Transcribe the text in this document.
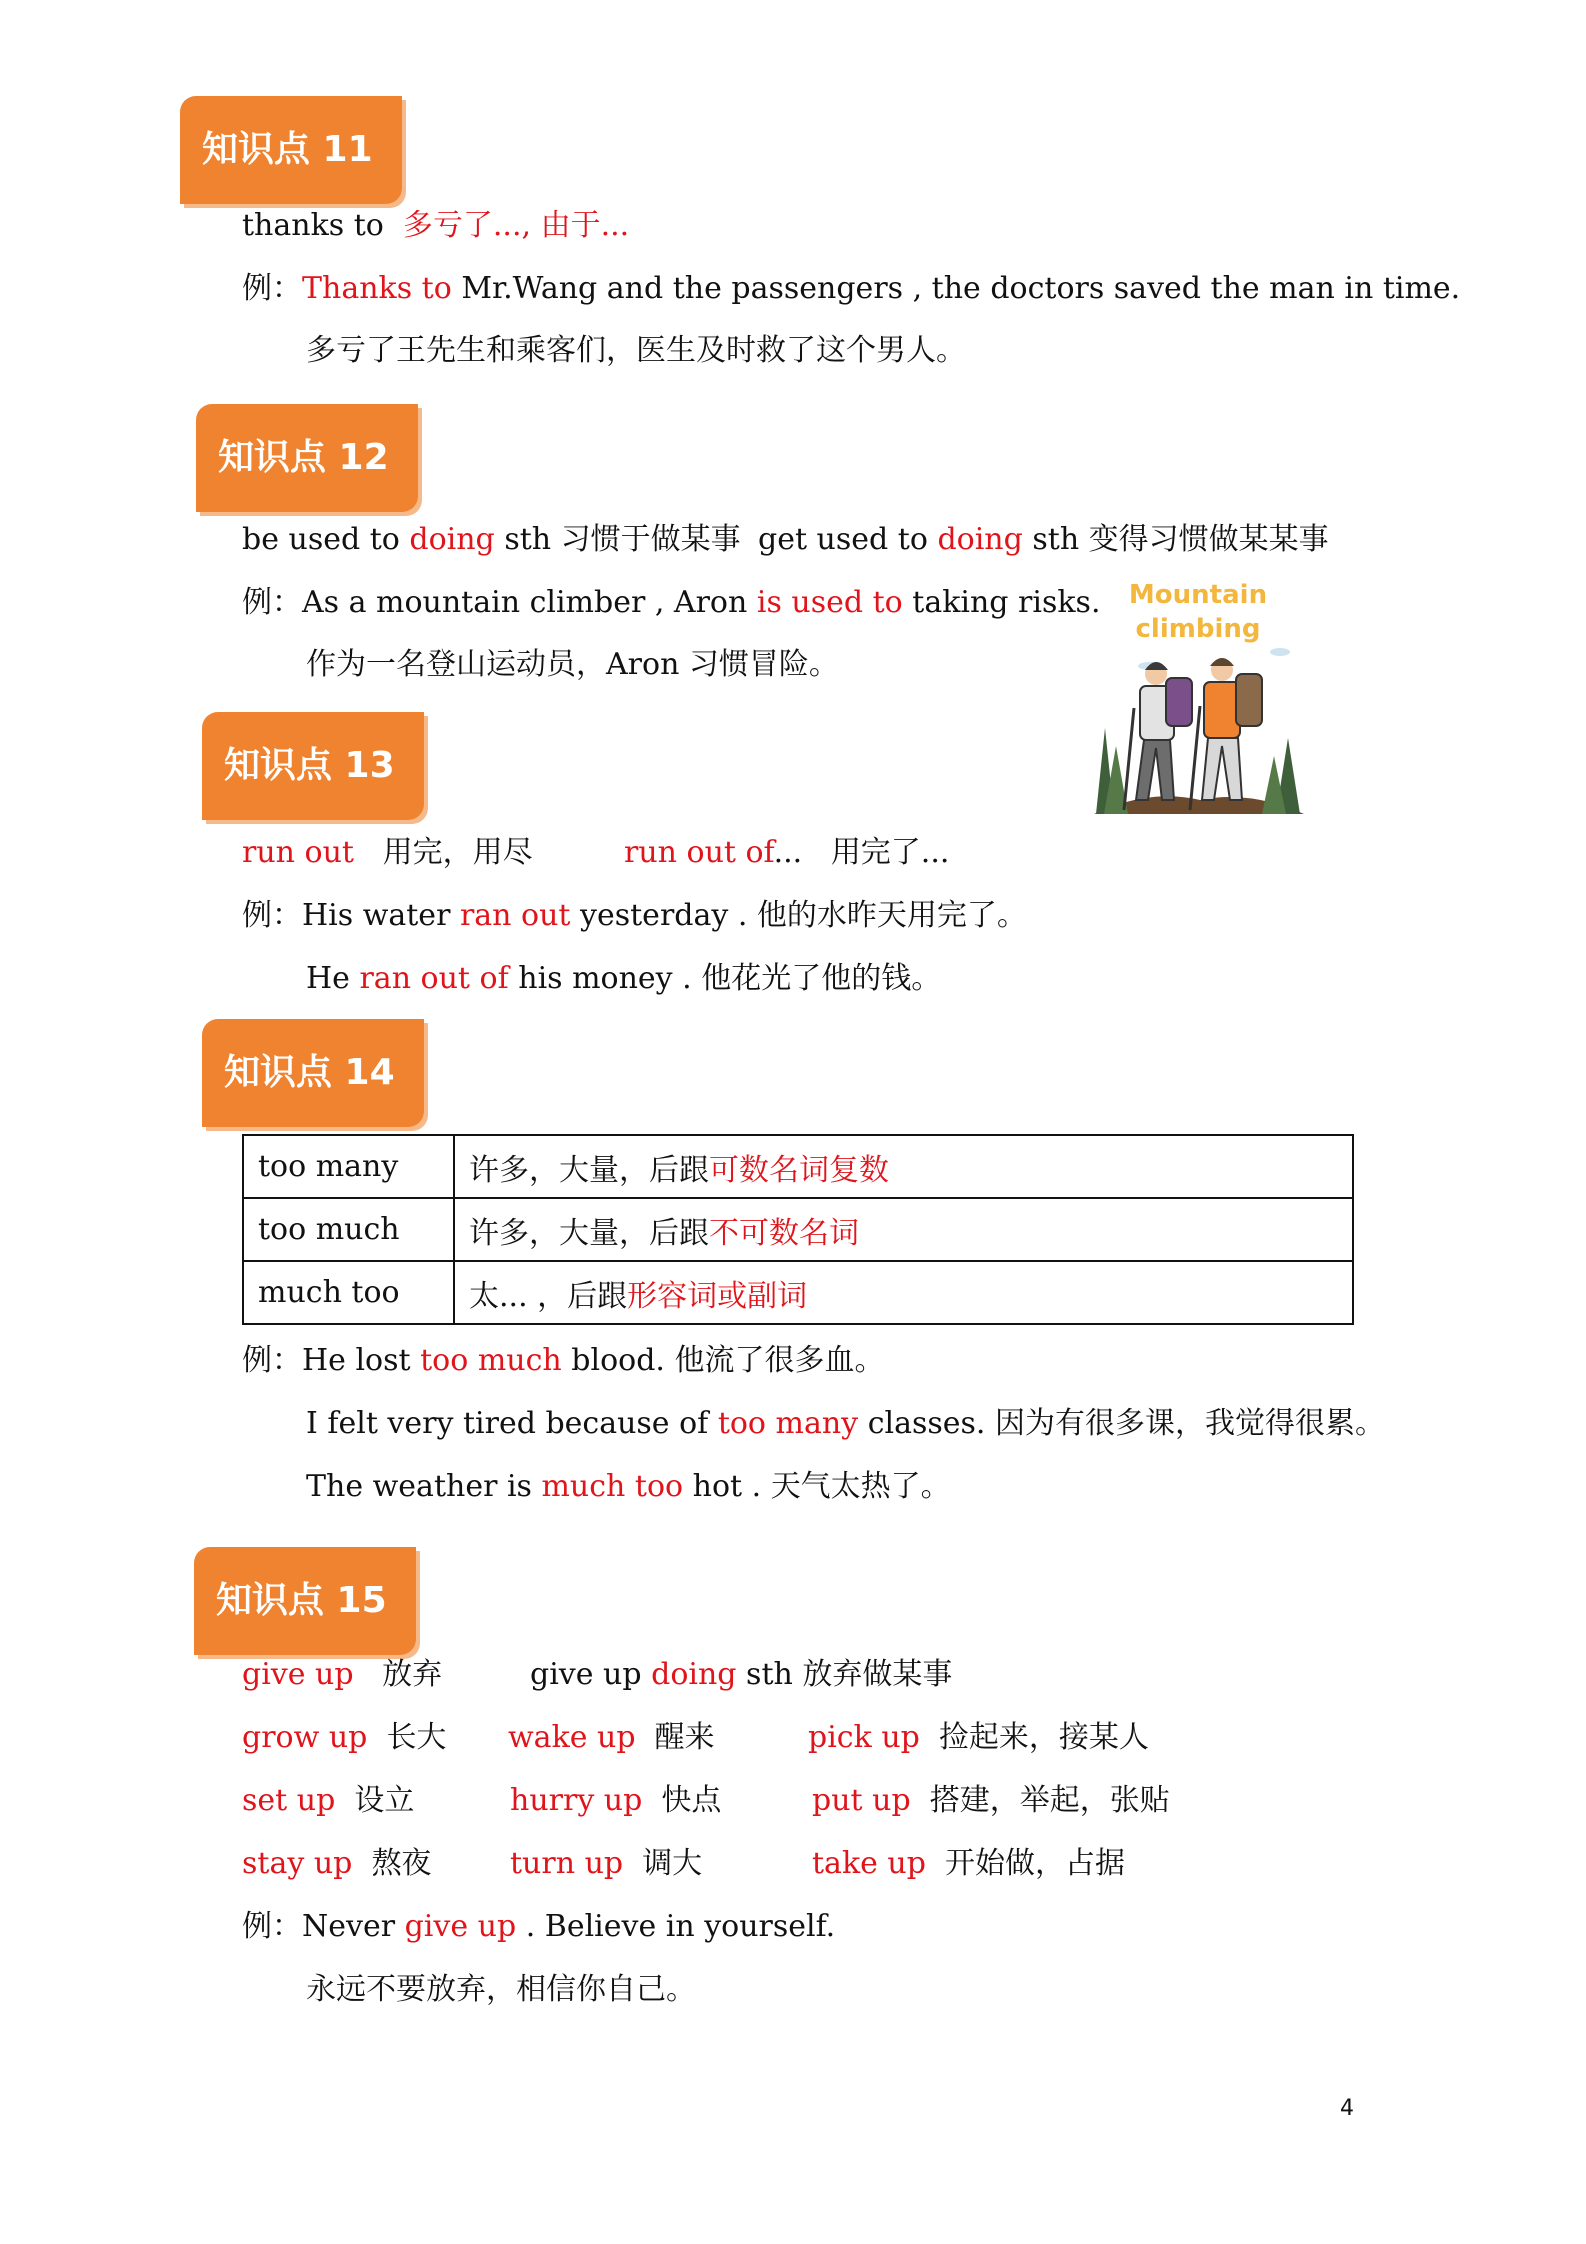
知识点 11
thanks to 多亏了..., 由于...
例：Thanks to Mr.Wang and the passengers , the doctors saved the man in time.
多亏了王先生和乘客们，医生及时救了这个男人。
知识点 12
be used to doing sth 习惯于做某事 get used to doing sth 变得习惯做某某事
例：As a mountain climber , Aron is used to taking risks.
作为一名登山运动员，Aron 习惯冒险。
Mountain
climbing
知识点 13
run out 用完，用尽	run out of... 用完了...
例：His water ran out yesterday . 他的水昨天用完了。
He ran out of his money . 他花光了他的钱。
知识点 14
too many	许多，大量，后跟可数名词复数
too much	许多，大量，后跟不可数名词
much too	太... ，后跟形容词或副词
例：He lost too much blood. 他流了很多血。
I felt very tired because of too many classes. 因为有很多课，我觉得很累。
The weather is much too hot . 天气太热了。
知识点 15
give up 放弃	give up doing sth 放弃做某事
grow up 长大 wake up 醒来	pick up 捡起来，接某人
set up 设立	hurry up 快点	put up 搭建，举起，张贴
stay up 熬夜	turn up 调大	take up 开始做，占据
例：Never give up . Believe in yourself.
永远不要放弃，相信你自己。
4
